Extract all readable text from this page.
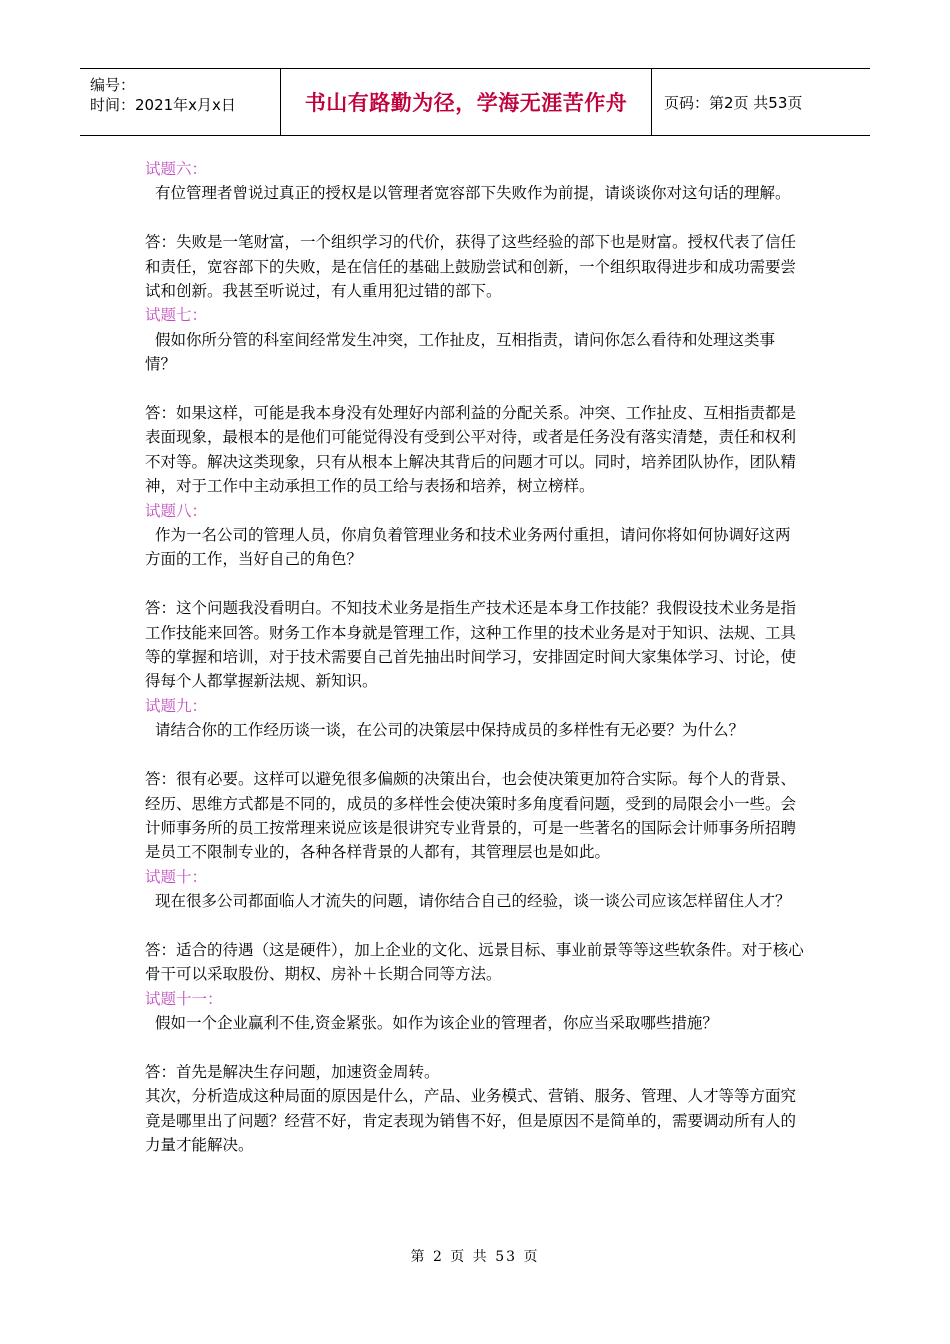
编号：
时间：2021年x月x日	书山有路勤为径，学海无涯苦作舟 页码：第2页 共53页

试题六：

有位管理者曾说过真正的授权是以管理者宽容部下失败作为前提，请谈谈你对这句话的理解。

答：失败是一笔财富，一个组织学习的代价，获得了这些经验的部下也是财富。授权代表了信任和责任，宽容部下的失败，是在信任的基础上鼓励尝试和创新，一个组织取得进步和成功需要尝试和创新。我甚至听说过，有人重用犯过错的部下。

试题七：

假如你所分管的科室间经常发生冲突，工作扯皮，互相指责，请问你怎么看待和处理这类事情？

答：如果这样，可能是我本身没有处理好内部利益的分配关系。冲突、工作扯皮、互相指责都是表面现象，最根本的是他们可能觉得没有受到公平对待，或者是任务没有落实清楚，责任和权利不对等。解决这类现象，只有从根本上解决其背后的问题才可以。同时，培养团队协作，团队精神，对于工作中主动承担工作的员工给与表扬和培养，树立榜样。

试题八：

作为一名公司的管理人员，你肩负着管理业务和技术业务两付重担，请问你将如何协调好这两方面的工作，当好自己的角色？

答：这个问题我没看明白。不知技术业务是指生产技术还是本身工作技能？我假设技术业务是指工作技能来回答。财务工作本身就是管理工作，这种工作里的技术业务是对于知识、法规、工具等的掌握和培训，对于技术需要自己首先抽出时间学习，安排固定时间大家集体学习、讨论，使得每个人都掌握新法规、新知识。

试题九：

请结合你的工作经历谈一谈，在公司的决策层中保持成员的多样性有无必要？为什么？

答：很有必要。这样可以避免很多偏颇的决策出台，也会使决策更加符合实际。每个人的背景、经历、思维方式都是不同的，成员的多样性会使决策时多角度看问题，受到的局限会小一些。会计师事务所的员工按常理来说应该是很讲究专业背景的，可是一些著名的国际会计师事务所招聘是员工不限制专业的，各种各样背景的人都有，其管理层也是如此。

试题十：

现在很多公司都面临人才流失的问题，请你结合自己的经验，谈一谈公司应该怎样留住人才？

答：适合的待遇（这是硬件），加上企业的文化、远景目标、事业前景等等这些软条件。对于核心骨干可以采取股份、期权、房补＋长期合同等方法。

试题十一：

假如一个企业赢利不佳,资金紧张。如作为该企业的管理者，你应当采取哪些措施？

答：首先是解决生存问题，加速资金周转。

其次，分析造成这种局面的原因是什么，产品、业务模式、营销、服务、管理、人才等等方面究竟是哪里出了问题？经营不好，肯定表现为销售不好，但是原因不是简单的，需要调动所有人的力量才能解决。

第 2 页 共 53 页
